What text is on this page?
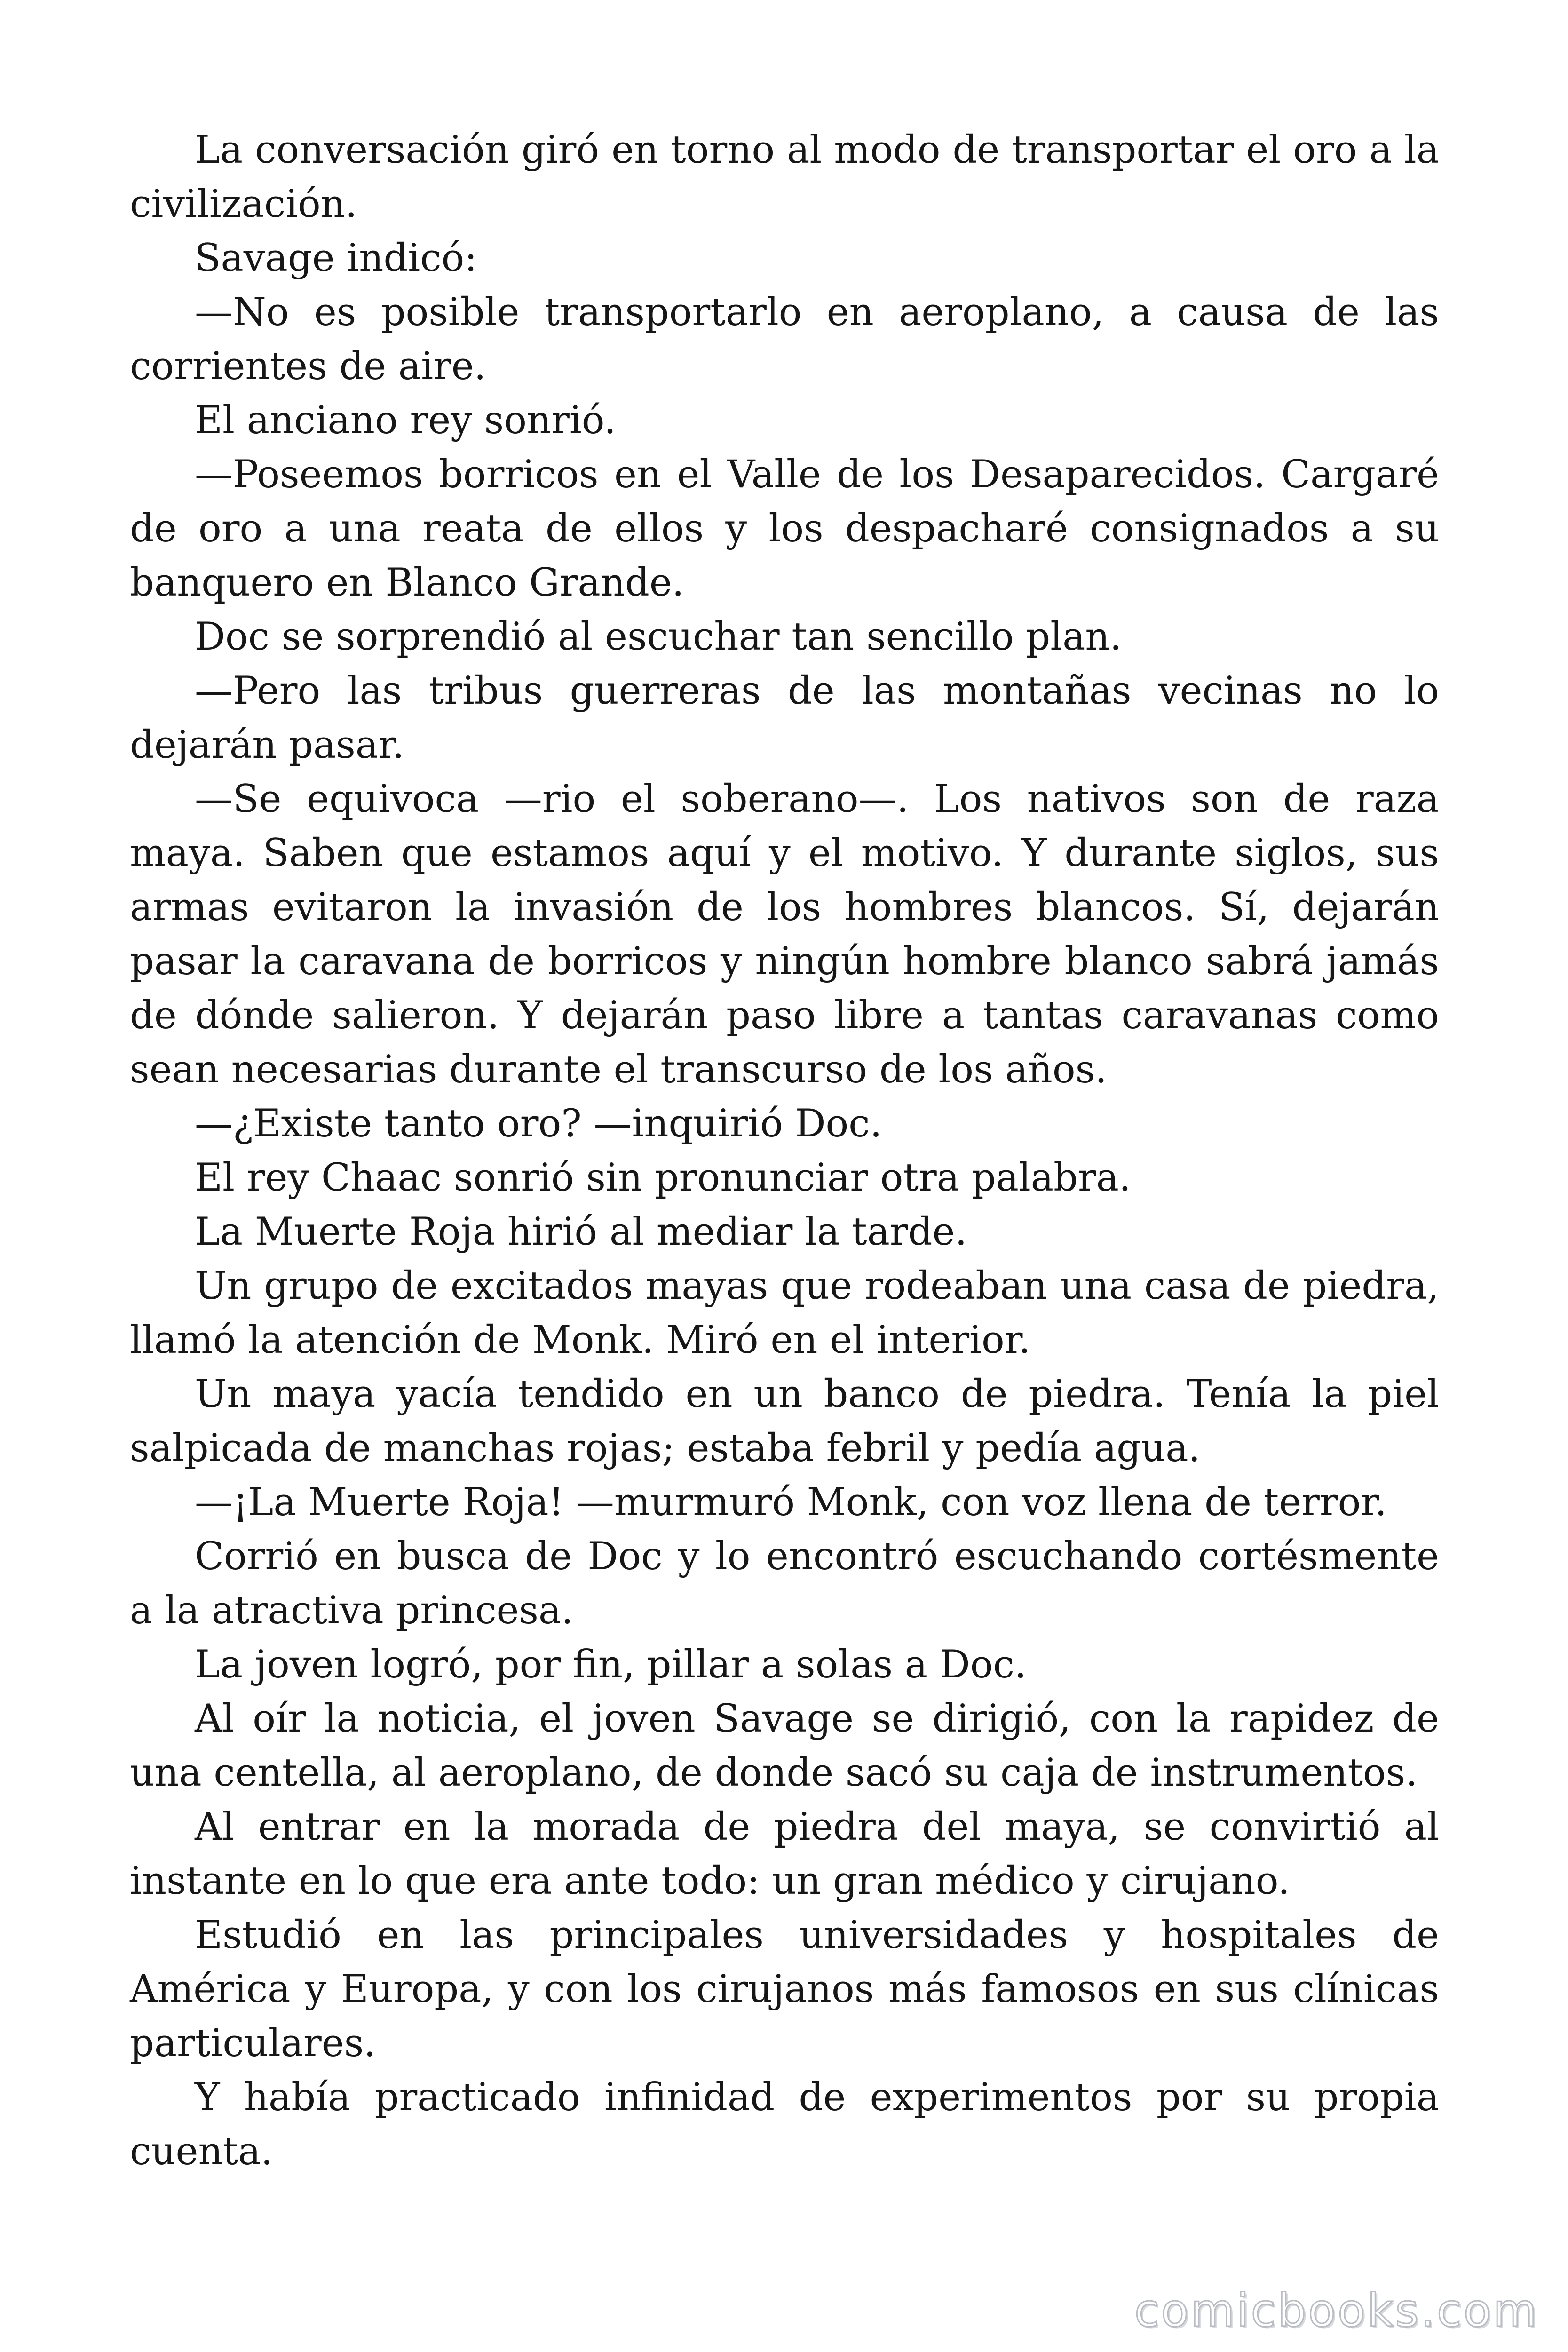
La conversación giró en torno al modo de transportar el oro a la civilización.

Savage indicó:

—No es posible transportarlo en aeroplano, a causa de las corrientes de aire.

El anciano rey sonrió.

—Poseemos borricos en el Valle de los Desaparecidos. Cargaré de oro a una reata de ellos y los despacharé consignados a su banquero en Blanco Grande.

Doc se sorprendió al escuchar tan sencillo plan.

—Pero las tribus guerreras de las montañas vecinas no lo dejarán pasar.

—Se equivoca —rio el soberano—. Los nativos son de raza maya. Saben que estamos aquí y el motivo. Y durante siglos, sus armas evitaron la invasión de los hombres blancos. Sí, dejarán pasar la caravana de borricos y ningún hombre blanco sabrá jamás de dónde salieron. Y dejarán paso libre a tantas caravanas como sean necesarias durante el transcurso de los años.

—¿Existe tanto oro? —inquirió Doc.

El rey Chaac sonrió sin pronunciar otra palabra.

La Muerte Roja hirió al mediar la tarde.

Un grupo de excitados mayas que rodeaban una casa de piedra, llamó la atención de Monk. Miró en el interior.

Un maya yacía tendido en un banco de piedra. Tenía la piel salpicada de manchas rojas; estaba febril y pedía agua.

—¡La Muerte Roja! —murmuró Monk, con voz llena de terror.

Corrió en busca de Doc y lo encontró escuchando cortésmente a la atractiva princesa.

La joven logró, por fin, pillar a solas a Doc.

Al oír la noticia, el joven Savage se dirigió, con la rapidez de una centella, al aeroplano, de donde sacó su caja de instrumentos.

Al entrar en la morada de piedra del maya, se convirtió al instante en lo que era ante todo: un gran médico y cirujano.

Estudió en las principales universidades y hospitales de América y Europa, y con los cirujanos más famosos en sus clínicas particulares.

Y había practicado infinidad de experimentos por su propia cuenta.

comicbooks.com
